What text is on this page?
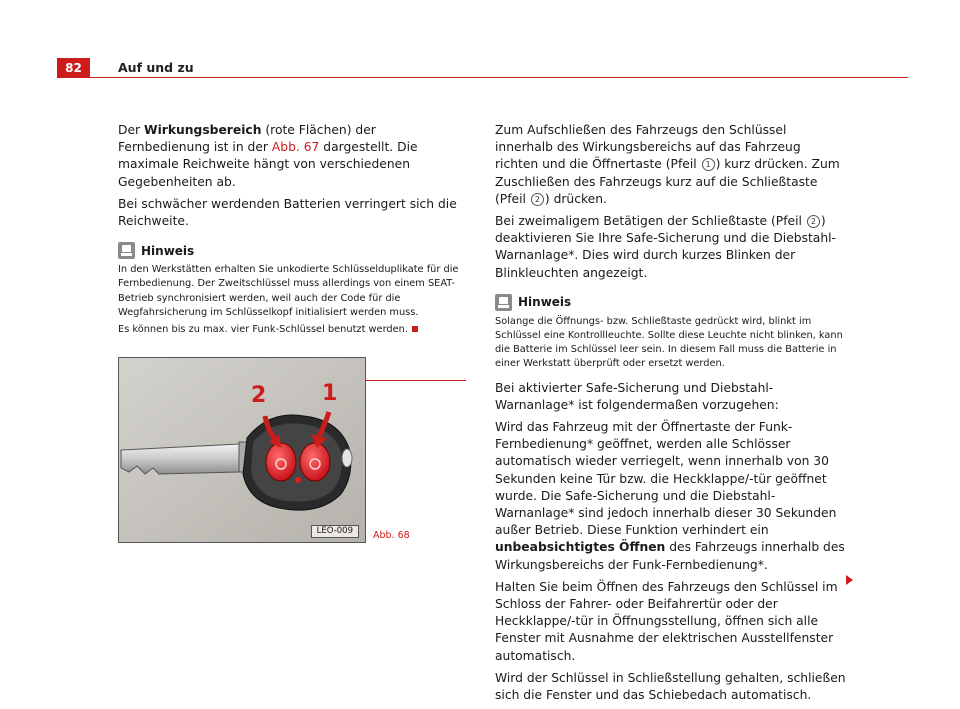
82	Auf und zu

Der Wirkungsbereich (rote Flächen) der Fernbedienung ist in der Abb. 67 dargestellt. Die maximale Reichweite hängt von verschiedenen Gegebenheiten ab.

Bei schwächer werdenden Batterien verringert sich die Reichweite.

Hinweis

In den Werkstätten erhalten Sie unkodierte Schlüsselduplikate für die Fernbedienung. Der Zweitschlüssel muss allerdings von einem SEAT-Betrieb synchronisiert werden, weil auch der Code für die Wegfahrsicherung im Schlüsselkopf initialisiert werden muss.

Es können bis zu max. vier Funk-Schlüssel benutzt werden.

2	1
LEO-009	Abb. 68

Zum Aufschließen des Fahrzeugs den Schlüssel innerhalb des Wirkungsbereichs auf das Fahrzeug richten und die Öffnertaste (Pfeil 1 ) kurz drücken. Zum Zuschließen des Fahrzeugs kurz auf die Schließtaste (Pfeil 2 ) drücken.

Bei zweimaligem Betätigen der Schließtaste (Pfeil 2 ) deaktivieren Sie Ihre Safe-Sicherung und die Diebstahl-Warnanlage*. Dies wird durch kurzes Blinken der Blinkleuchten angezeigt.

Hinweis

Solange die Öffnungs- bzw. Schließtaste gedrückt wird, blinkt im Schlüssel eine Kontrollleuchte. Sollte diese Leuchte nicht blinken, kann die Batterie im Schlüssel leer sein. In diesem Fall muss die Batterie in einer Werkstatt überprüft oder ersetzt werden.

Bei aktivierter Safe-Sicherung und Diebstahl-Warnanlage* ist folgendermaßen vorzugehen:

Wird das Fahrzeug mit der Öffnertaste der Funk-Fernbedienung* geöffnet, werden alle Schlösser automatisch wieder verriegelt, wenn innerhalb von 30 Sekunden keine Tür bzw. die Heckklappe/-tür geöffnet wurde. Die Safe-Sicherung und die Diebstahl-Warnanlage* sind jedoch innerhalb dieser 30 Sekunden außer Betrieb. Diese Funktion verhindert ein unbeabsichtigtes Öffnen des Fahrzeugs innerhalb des Wirkungsbereichs der Funk-Fernbedienung*.

Halten Sie beim Öffnen des Fahrzeugs den Schlüssel im Schloss der Fahrer- oder Beifahrertür oder der Heckklappe/-tür in Öffnungsstellung, öffnen sich alle Fenster mit Ausnahme der elektrischen Ausstellfenster automatisch.

Wird der Schlüssel in Schließstellung gehalten, schließen sich die Fenster und das Schiebedach automatisch.
